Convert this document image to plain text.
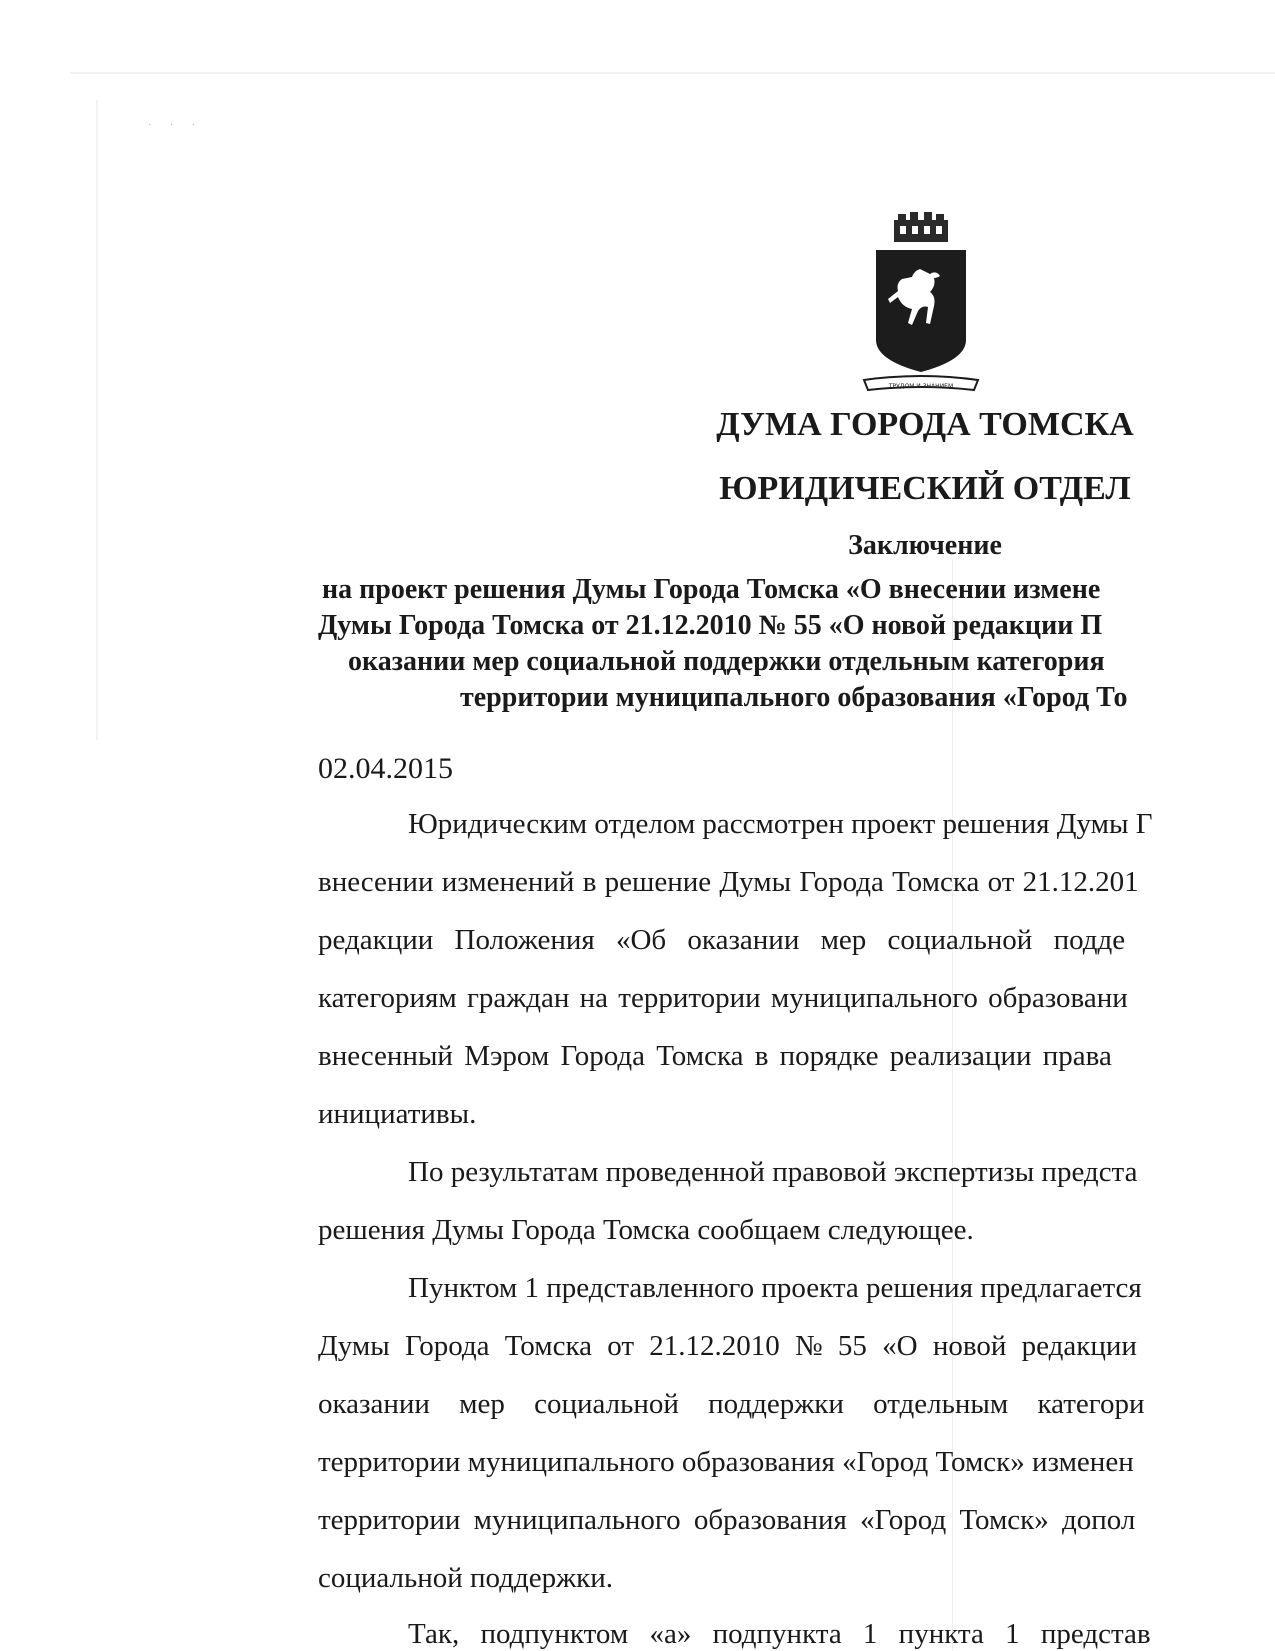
· · ·
ТРУДОМ И ЗНАНИЕМ
ДУМА ГОРОДА ТОМСКА
ЮРИДИЧЕСКИЙ ОТДЕЛ
Заключение
на проект решения Думы Города Томска «О внесении измене
Думы Города Томска от 21.12.2010 № 55 «О новой редакции П
оказании мер социальной поддержки отдельным категория
территории муниципального образования «Город То
02.04.2015
Юридическим отделом рассмотрен проект решения Думы Г
внесении изменений в решение Думы Города Томска от 21.12.201
редакции Положения «Об оказании мер социальной подде
категориям граждан на территории муниципального образовани
внесенный Мэром Города Томска в порядке реализации права
инициативы.
По результатам проведенной правовой экспертизы предста
решения Думы Города Томска сообщаем следующее.
Пунктом 1 представленного проекта решения предлагается
Думы Города Томска от 21.12.2010 № 55 «О новой редакции
оказании мер социальной поддержки отдельным категори
территории муниципального образования «Город Томск» изменен
территории муниципального образования «Город Томск» допол
социальной поддержки.
Так, подпунктом «а» подпункта 1 пункта 1 представ
